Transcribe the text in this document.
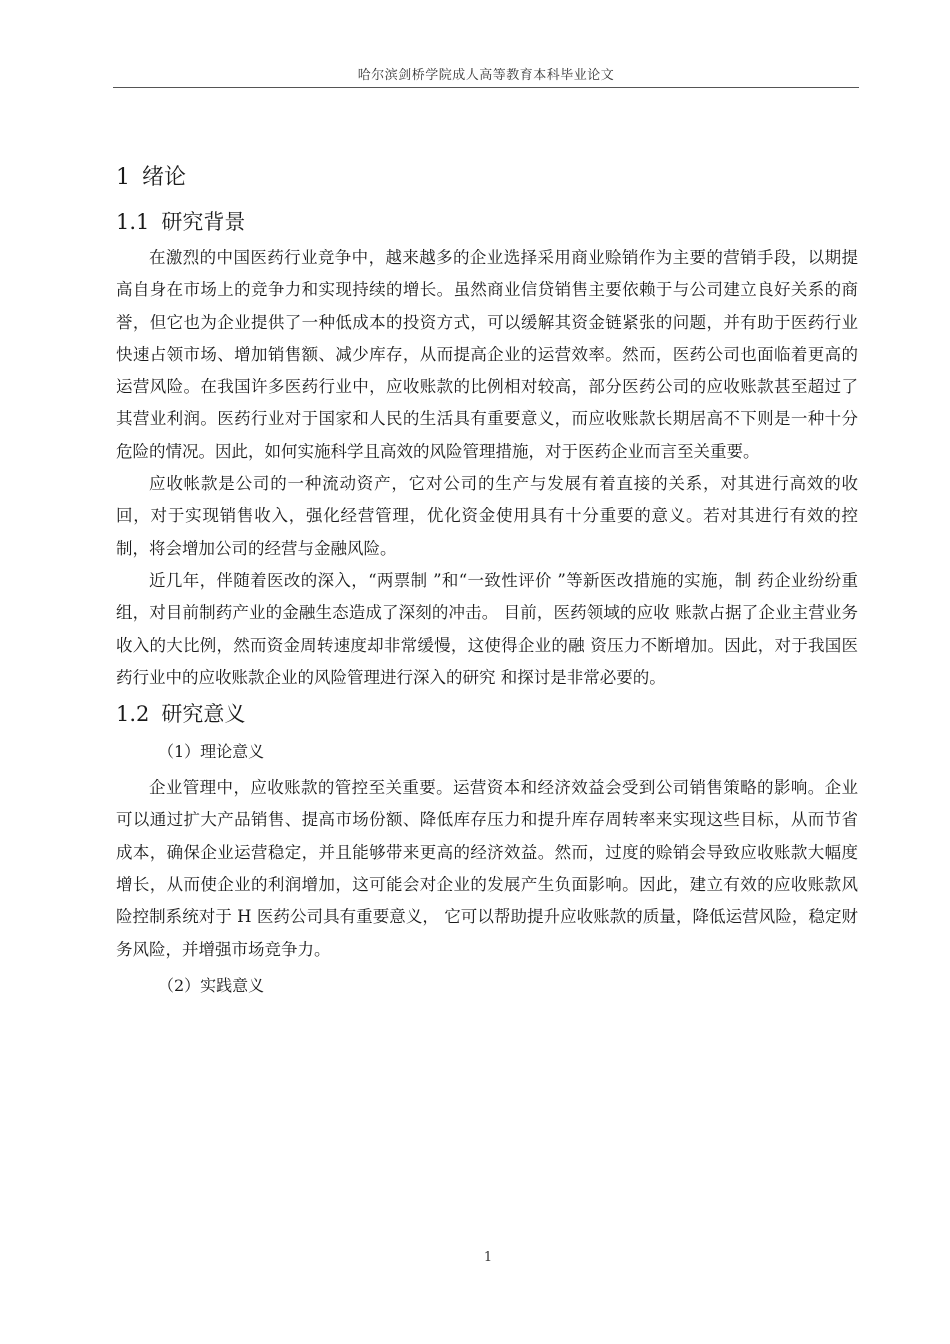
哈尔滨剑桥学院成人高等教育本科毕业论文
1 绪论
1.1 研究背景

在激烈的中国医药行业竞争中，越来越多的企业选择采用商业赊销作为主要的营销手段，以期提高自身在市场上的竞争力和实现持续的增长。虽然商业信贷销售主要依赖于与公司建立良好关系的商誉，但它也为企业提供了一种低成本的投资方式，可以缓解其资金链紧张的问题，并有助于医药行业快速占领市场、增加销售额、减少库存，从而提高企业的运营效率。然而，医药公司也面临着更高的运营风险。在我国许多医药行业中，应收账款的比例相对较高，部分医药公司的应收账款甚至超过了其营业利润。医药行业对于国家和人民的生活具有重要意义，而应收账款长期居高不下则是一种十分危险的情况。因此，如何实施科学且高效的风险管理措施，对于医药企业而言至关重要。

应收帐款是公司的一种流动资产，它对公司的生产与发展有着直接的关系，对其进行高效的收回，对于实现销售收入，强化经营管理，优化资金使用具有十分重要的意义。若对其进行有效的控制，将会增加公司的经营与金融风险。

近几年，伴随着医改的深入，“两票制 ”和“一致性评价 ”等新医改措施的实施，制 药企业纷纷重组，对目前制药产业的金融生态造成了深刻的冲击。 目前，医药领域的应收 账款占据了企业主营业务收入的大比例，然而资金周转速度却非常缓慢，这使得企业的融 资压力不断增加。因此，对于我国医药行业中的应收账款企业的风险管理进行深入的研究 和探讨是非常必要的。

1.2 研究意义
（1）理论意义

企业管理中，应收账款的管控至关重要。运营资本和经济效益会受到公司销售策略的影响。企业可以通过扩大产品销售、提高市场份额、降低库存压力和提升库存周转率来实现这些目标，从而节省成本，确保企业运营稳定，并且能够带来更高的经济效益。然而，过度的赊销会导致应收账款大幅度增长，从而使企业的利润增加，这可能会对企业的发展产生负面影响。因此，建立有效的应收账款风险控制系统对于 H 医药公司具有重要意义， 它可以帮助提升应收账款的质量，降低运营风险，稳定财务风险，并增强市场竞争力。

（2）实践意义
1
